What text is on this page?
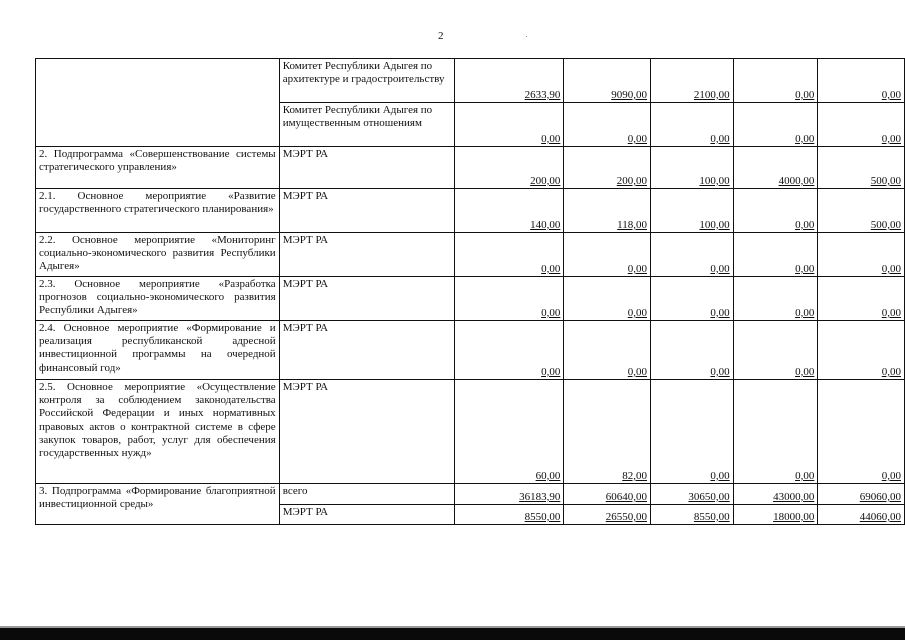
2
	Комитет Республики Адыгея по архитектуре и градостроительству	2633,90	9090,00	2100,00	0,00	0,00
	Комитет Республики Адыгея по имущественным отношениям	0,00	0,00	0,00	0,00	0,00
2. Подпрограмма «Совершенствование системы стратегического управления»	МЭРТ РА	200,00	200,00	100,00	4000,00	500,00
2.1. Основное мероприятие «Развитие государственного стратегического планирования»	МЭРТ РА	140,00	118,00	100,00	0,00	500,00
2.2. Основное мероприятие «Мониторинг социально-экономического развития Республики Адыгея»	МЭРТ РА	0,00	0,00	0,00	0,00	0,00
2.3. Основное мероприятие «Разработка прогнозов социально-экономического развития Республики Адыгея»	МЭРТ РА	0,00	0,00	0,00	0,00	0,00
2.4. Основное мероприятие «Формирование и реализация республиканской адресной инвестиционной программы на очередной финансовый год»	МЭРТ РА	0,00	0,00	0,00	0,00	0,00
2.5. Основное мероприятие «Осуществление контроля за соблюдением законодательства Российской Федерации и иных нормативных правовых актов о контрактной системе в сфере закупок товаров, работ, услуг для обеспечения государственных нужд»	МЭРТ РА	60,00	82,00	0,00	0,00	0,00
3. Подпрограмма «Формирование благоприятной инвестиционной среды»	всего	36183,90	60640,00	30650,00	43000,00	69060,00
	МЭРТ РА	8550,00	26550,00	8550,00	18000,00	44060,00
